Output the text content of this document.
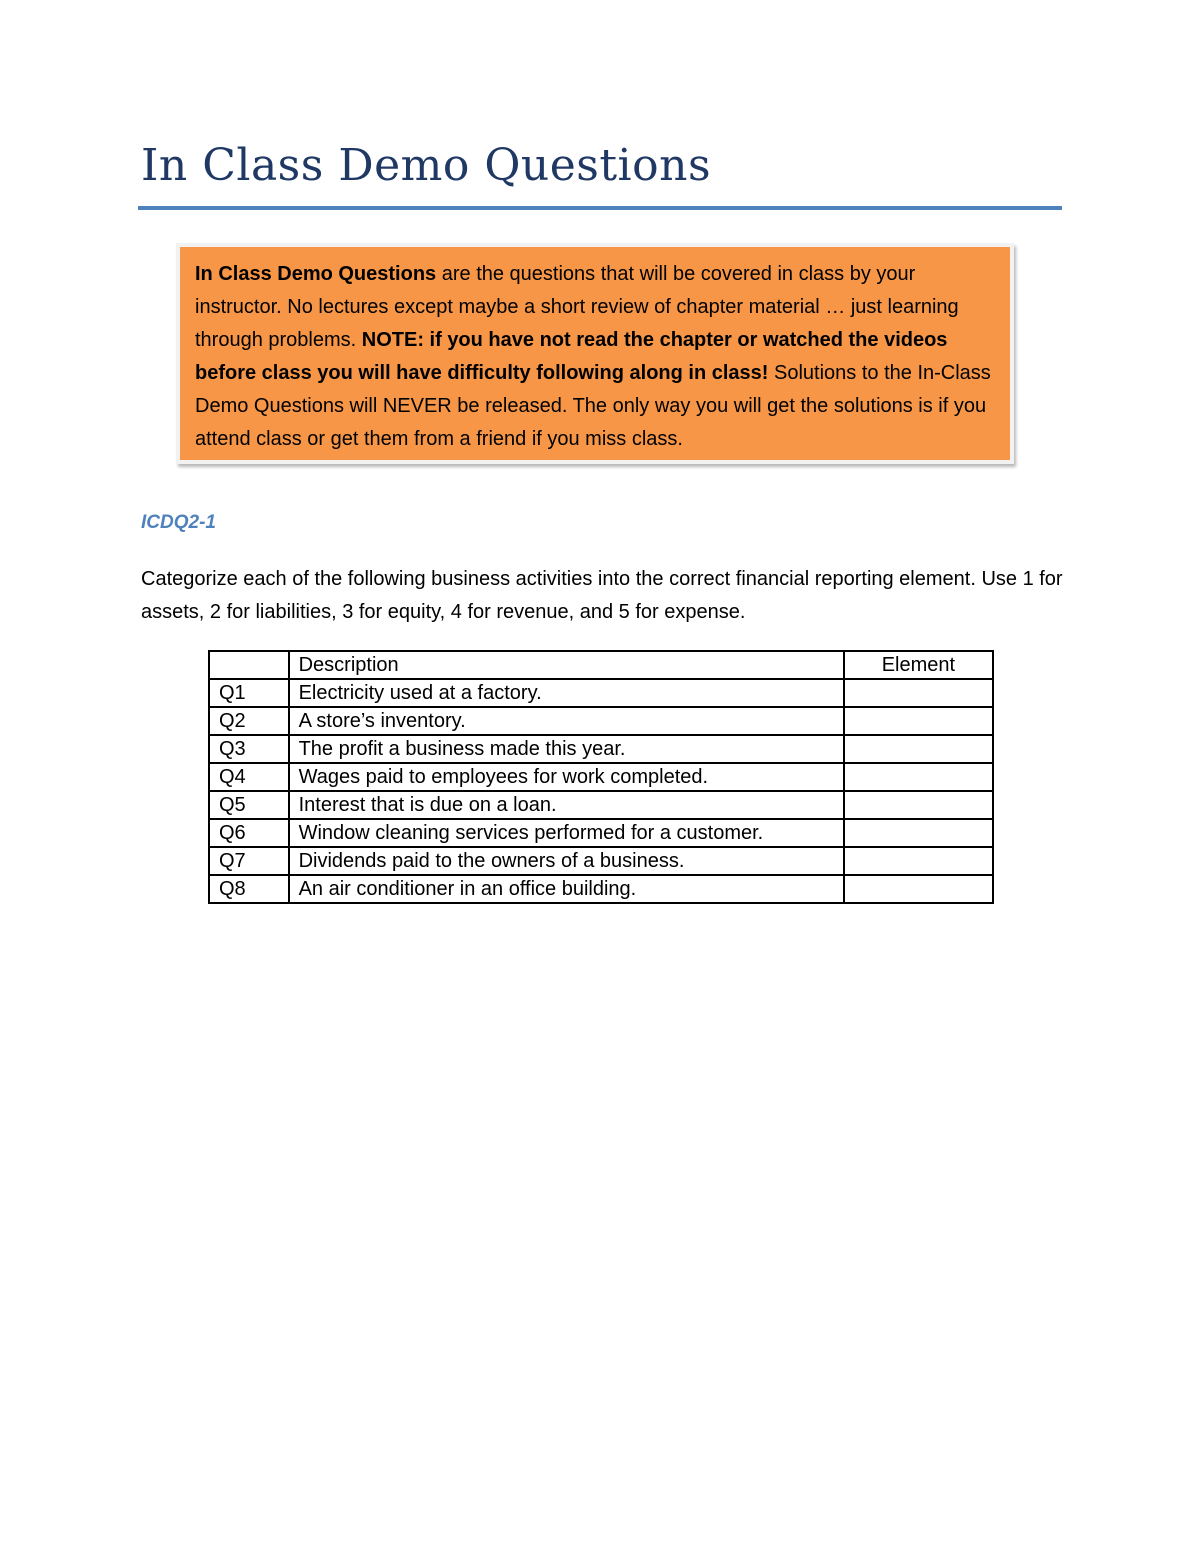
In Class Demo Questions
In Class Demo Questions are the questions that will be covered in class by your instructor. No lectures except maybe a short review of chapter material … just learning through problems. NOTE: if you have not read the chapter or watched the videos before class you will have difficulty following along in class! Solutions to the In-Class Demo Questions will NEVER be released. The only way you will get the solutions is if you attend class or get them from a friend if you miss class.
ICDQ2-1

Categorize each of the following business activities into the correct financial reporting element. Use 1 for assets, 2 for liabilities, 3 for equity, 4 for revenue, and 5 for expense.

	Description	Element
Q1	Electricity used at a factory.	
Q2	A store’s inventory.	
Q3	The profit a business made this year.	
Q4	Wages paid to employees for work completed.	
Q5	Interest that is due on a loan.	
Q6	Window cleaning services performed for a customer.	
Q7	Dividends paid to the owners of a business.	
Q8	An air conditioner in an office building.	
